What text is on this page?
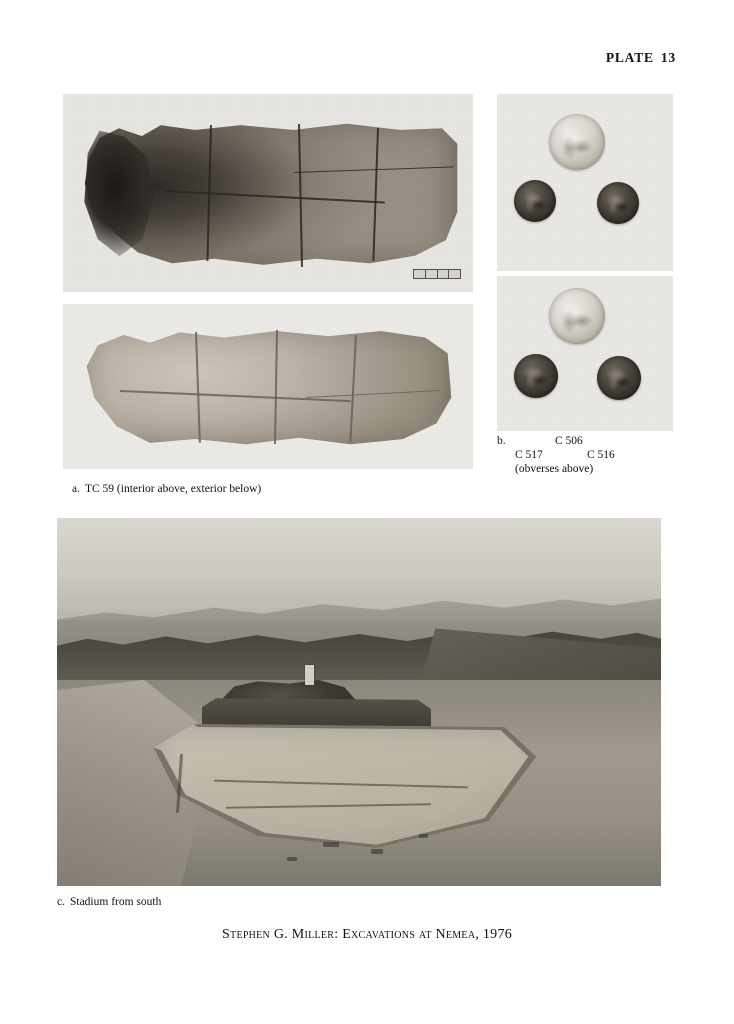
PLATE 13
a. TC 59 (interior above, exterior below)
b.	C 506
C 517	C 516
(obverses above)
c. Stadium from south
Stephen G. Miller: Excavations at Nemea, 1976
